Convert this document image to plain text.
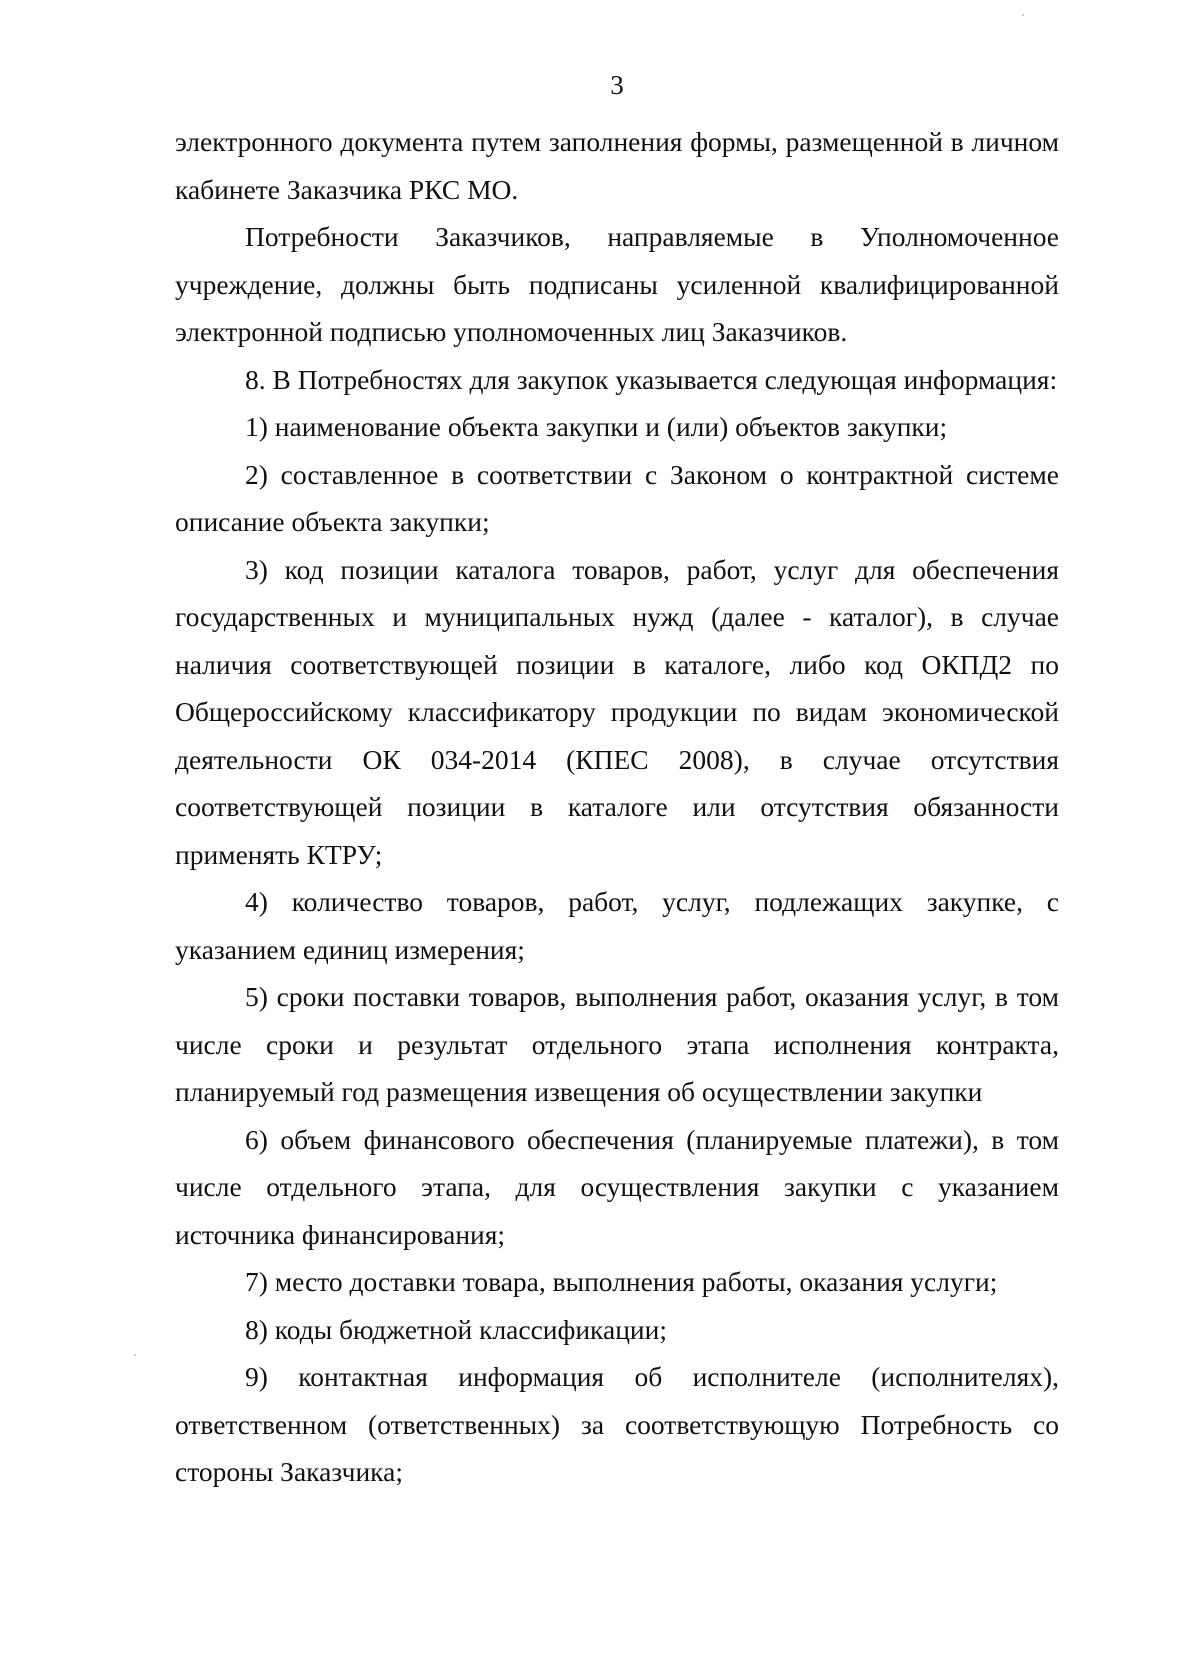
3

электронного документа путем заполнения формы, размещенной в личном кабинете Заказчика РКС МО.

Потребности Заказчиков, направляемые в Уполномоченное учреждение, должны быть подписаны усиленной квалифицированной электронной подписью уполномоченных лиц Заказчиков.

8. В Потребностях для закупок указывается следующая информация:

1) наименование объекта закупки и (или) объектов закупки;

2) составленное в соответствии с Законом о контрактной системе описание объекта закупки;

3) код позиции каталога товаров, работ, услуг для обеспечения государственных и муниципальных нужд (далее - каталог), в случае наличия соответствующей позиции в каталоге, либо код ОКПД2 по Общероссийскому классификатору продукции по видам экономической деятельности ОК 034-2014 (КПЕС 2008), в случае отсутствия соответствующей позиции в каталоге или отсутствия обязанности применять КТРУ;

4) количество товаров, работ, услуг, подлежащих закупке, с указанием единиц измерения;

5) сроки поставки товаров, выполнения работ, оказания услуг, в том числе сроки и результат отдельного этапа исполнения контракта, планируемый год размещения извещения об осуществлении закупки

6) объем финансового обеспечения (планируемые платежи), в том числе отдельного этапа, для осуществления закупки с указанием источника финансирования;

7) место доставки товара, выполнения работы, оказания услуги;

8) коды бюджетной классификации;

9) контактная информация об исполнителе (исполнителях), ответственном (ответственных) за соответствующую Потребность со стороны Заказчика;
